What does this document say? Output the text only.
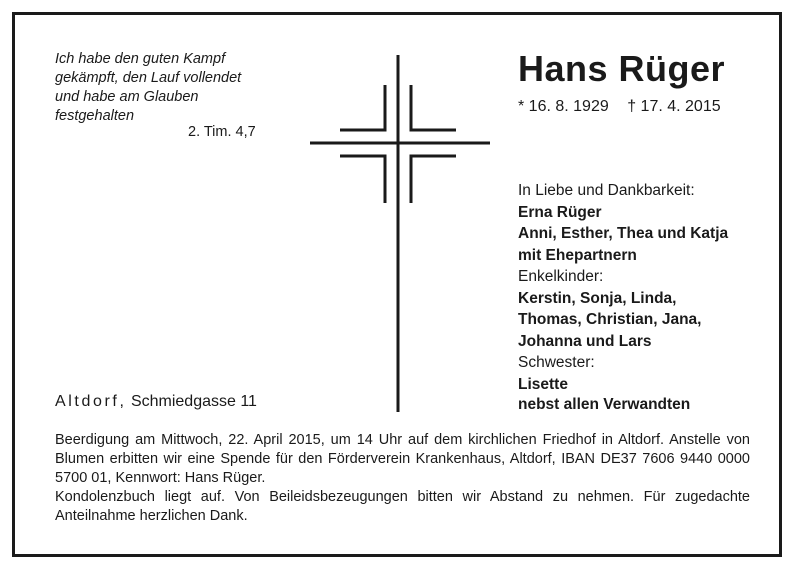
Ich habe den guten Kampf
gekämpft, den Lauf vollendet
und habe am Glauben
festgehalten
2. Tim. 4,7
Hans Rüger
* 16. 8. 1929 † 17. 4. 2015
In Liebe und Dankbarkeit:
Erna Rüger
Anni, Esther, Thea und Katja
mit Ehepartnern
Enkelkinder:
Kerstin, Sonja, Linda,
Thomas, Christian, Jana,
Johanna und Lars
Schwester:
Lisette
Altdorf, Schmiedgasse 11	nebst allen Verwandten

Beerdigung am Mittwoch, 22. April 2015, um 14 Uhr auf dem kirchlichen Friedhof in Altdorf. Anstelle von Blumen erbitten wir eine Spende für den Förderverein Krankenhaus, Altdorf, IBAN DE37 7606 9440 0000 5700 01, Kennwort: Hans Rüger.

Kondolenzbuch liegt auf. Von Beileidsbezeugungen bitten wir Abstand zu nehmen. Für zugedachte Anteilnahme herzlichen Dank.
